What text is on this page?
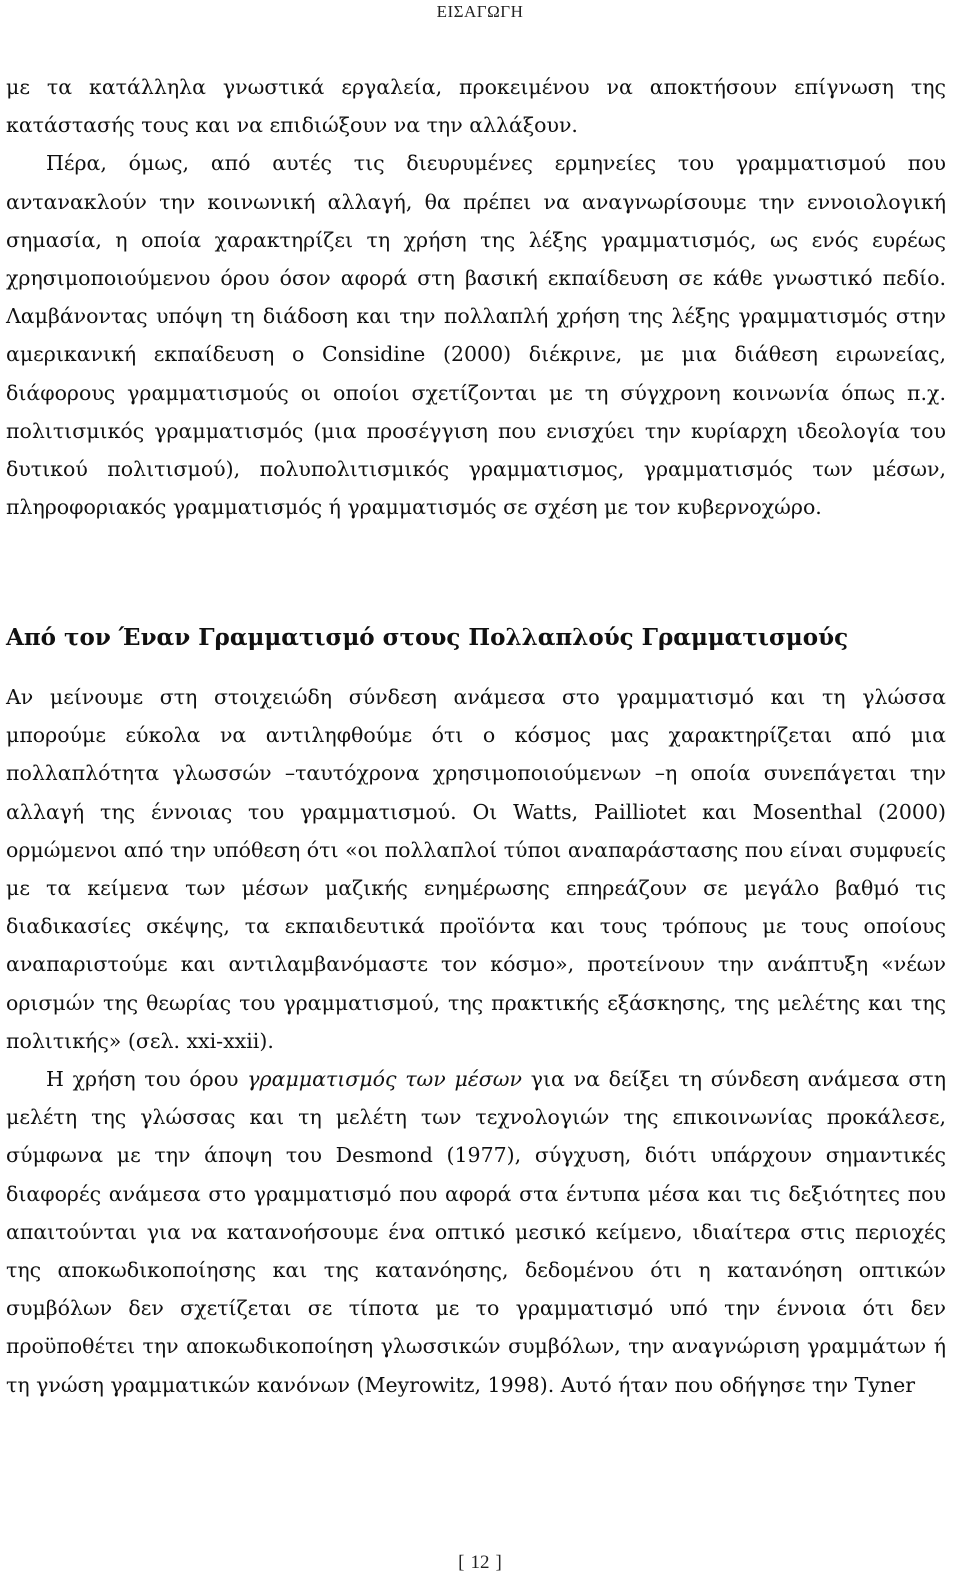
ΕΙΣΑΓΩΓΗ

με τα κατάλληλα γνωστικά εργαλεία, προκειμένου να αποκτήσουν επίγνωση της κατάστασής τους και να επιδιώξουν να την αλλάξουν.

Πέρα, όμως, από αυτές τις διευρυμένες ερμηνείες του γραμματισμού που αντανακλούν την κοινωνική αλλαγή, θα πρέπει να αναγνωρίσουμε την εννοιολογική σημασία, η οποία χαρακτηρίζει τη χρήση της λέξης γραμματισμός, ως ενός ευρέως χρησιμοποιούμενου όρου όσον αφορά στη βασική εκπαίδευση σε κάθε γνωστικό πεδίο. Λαμβάνοντας υπόψη τη διάδοση και την πολλαπλή χρήση της λέξης γραμματισμός στην αμερικανική εκπαίδευση ο Considine (2000) διέκρινε, με μια διάθεση ειρωνείας, διάφορους γραμματισμούς οι οποίοι σχετίζονται με τη σύγχρονη κοινωνία όπως π.χ. πολιτισμικός γραμματισμός (μια προσέγγιση που ενισχύει την κυρίαρχη ιδεολογία του δυτικού πολιτισμού), πολυπολιτισμικός γραμματισμος, γραμματισμός των μέσων, πληροφοριακός γραμματισμός ή γραμματισμός σε σχέση με τον κυβερνοχώρο.

Από τον Έναν Γραμματισμό στους Πολλαπλούς Γραμματισμούς

Αν μείνουμε στη στοιχειώδη σύνδεση ανάμεσα στο γραμματισμό και τη γλώσσα μπορούμε εύκολα να αντιληφθούμε ότι ο κόσμος μας χαρακτηρίζεται από μια πολλαπλότητα γλωσσών –ταυτόχρονα χρησιμοποιούμενων –η οποία συνεπάγεται την αλλαγή της έννοιας του γραμματισμού. Οι Watts, Pailliotet και Mosenthal (2000) ορμώμενοι από την υπόθεση ότι «οι πολλαπλοί τύποι αναπαράστασης που είναι συμφυείς με τα κείμενα των μέσων μαζικής ενημέρωσης επηρεάζουν σε μεγάλο βαθμό τις διαδικασίες σκέψης, τα εκπαιδευτικά προϊόντα και τους τρόπους με τους οποίους αναπαριστούμε και αντιλαμβανόμαστε τον κόσμο», προτείνουν την ανάπτυξη «νέων ορισμών της θεωρίας του γραμματισμού, της πρακτικής εξάσκησης, της μελέτης και της πολιτικής» (σελ. xxi-xxii).

Η χρήση του όρου γραμματισμός των μέσων για να δείξει τη σύνδεση ανάμεσα στη μελέτη της γλώσσας και τη μελέτη των τεχνολογιών της επικοινωνίας προκάλεσε, σύμφωνα με την άποψη του Desmond (1977), σύγχυση, διότι υπάρχουν σημαντικές διαφορές ανάμεσα στο γραμματισμό που αφορά στα έντυπα μέσα και τις δεξιότητες που απαιτούνται για να κατανοήσουμε ένα οπτικό μεσικό κείμενο, ιδιαίτερα στις περιοχές της αποκωδικοποίησης και της κατανόησης, δεδομένου ότι η κατανόηση οπτικών συμβόλων δεν σχετίζεται σε τίποτα με το γραμματισμό υπό την έννοια ότι δεν προϋποθέτει την αποκωδικοποίηση γλωσσικών συμβόλων, την αναγνώριση γραμμάτων ή τη γνώση γραμματικών κανόνων (Meyrowitz, 1998). Αυτό ήταν που οδήγησε την Tyner

[ 12 ]
